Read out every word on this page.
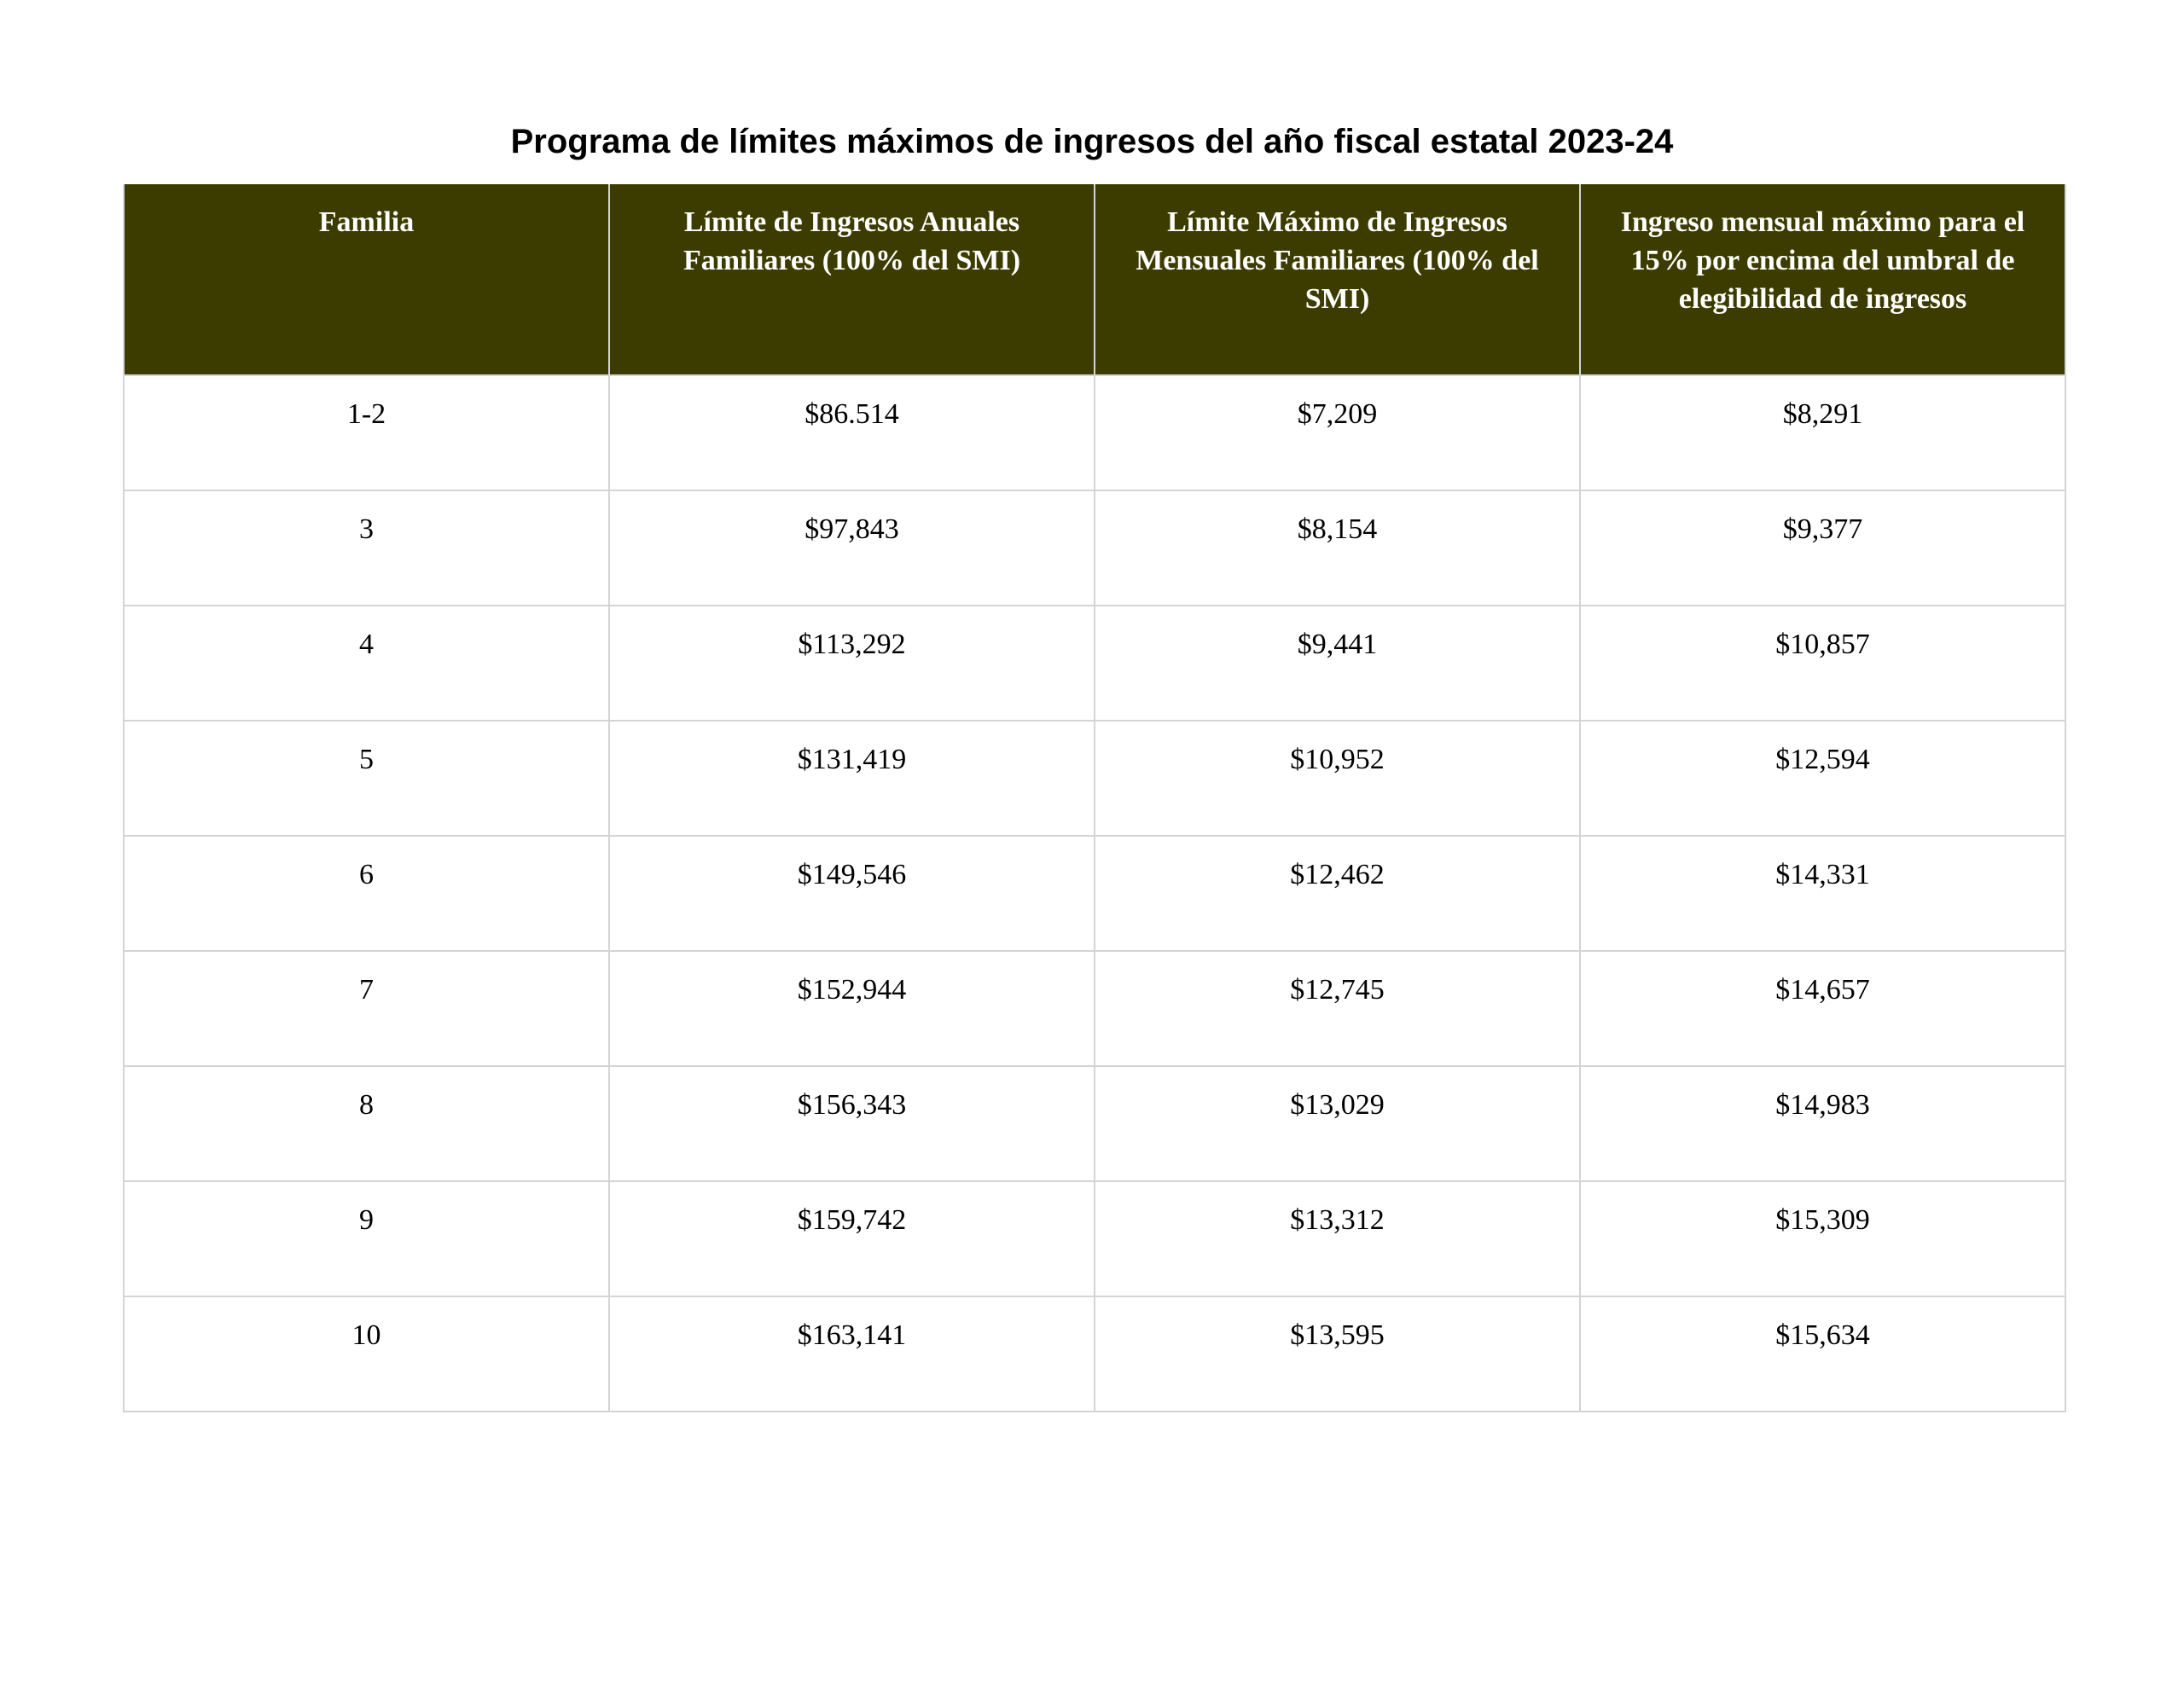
Programa de límites máximos de ingresos del año fiscal estatal 2023-24
Familia	Límite de Ingresos Anuales Familiares (100% del SMI)	Límite Máximo de Ingresos Mensuales Familiares (100% del SMI)	Ingreso mensual máximo para el 15% por encima del umbral de elegibilidad de ingresos
1-2	$86.514	$7,209	$8,291
3	$97,843	$8,154	$9,377
4	$113,292	$9,441	$10,857
5	$131,419	$10,952	$12,594
6	$149,546	$12,462	$14,331
7	$152,944	$12,745	$14,657
8	$156,343	$13,029	$14,983
9	$159,742	$13,312	$15,309
10	$163,141	$13,595	$15,634
